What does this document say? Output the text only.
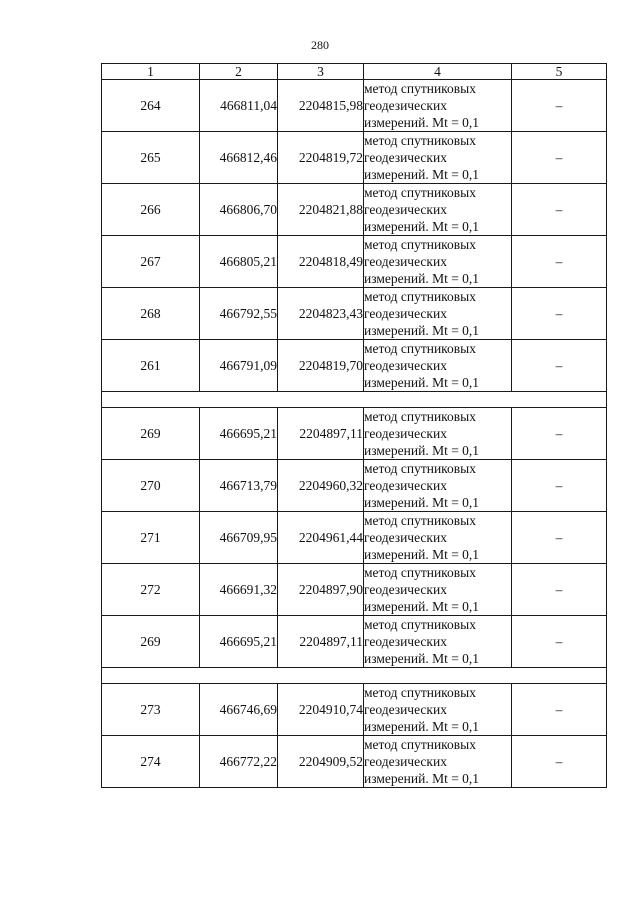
280
1	2	3	4	5
264	466811,04	2204815,98	метод спутниковых
геодезических
измерений. Mt = 0,1	–
265	466812,46	2204819,72	метод спутниковых
геодезических
измерений. Mt = 0,1	–
266	466806,70	2204821,88	метод спутниковых
геодезических
измерений. Mt = 0,1	–
267	466805,21	2204818,49	метод спутниковых
геодезических
измерений. Mt = 0,1	–
268	466792,55	2204823,43	метод спутниковых
геодезических
измерений. Mt = 0,1	–
261	466791,09	2204819,70	метод спутниковых
геодезических
измерений. Mt = 0,1	–

269	466695,21	2204897,11	метод спутниковых
геодезических
измерений. Mt = 0,1	–
270	466713,79	2204960,32	метод спутниковых
геодезических
измерений. Mt = 0,1	–
271	466709,95	2204961,44	метод спутниковых
геодезических
измерений. Mt = 0,1	–
272	466691,32	2204897,90	метод спутниковых
геодезических
измерений. Mt = 0,1	–
269	466695,21	2204897,11	метод спутниковых
геодезических
измерений. Mt = 0,1	–

273	466746,69	2204910,74	метод спутниковых
геодезических
измерений. Mt = 0,1	–
274	466772,22	2204909,52	метод спутниковых
геодезических
измерений. Mt = 0,1	–
